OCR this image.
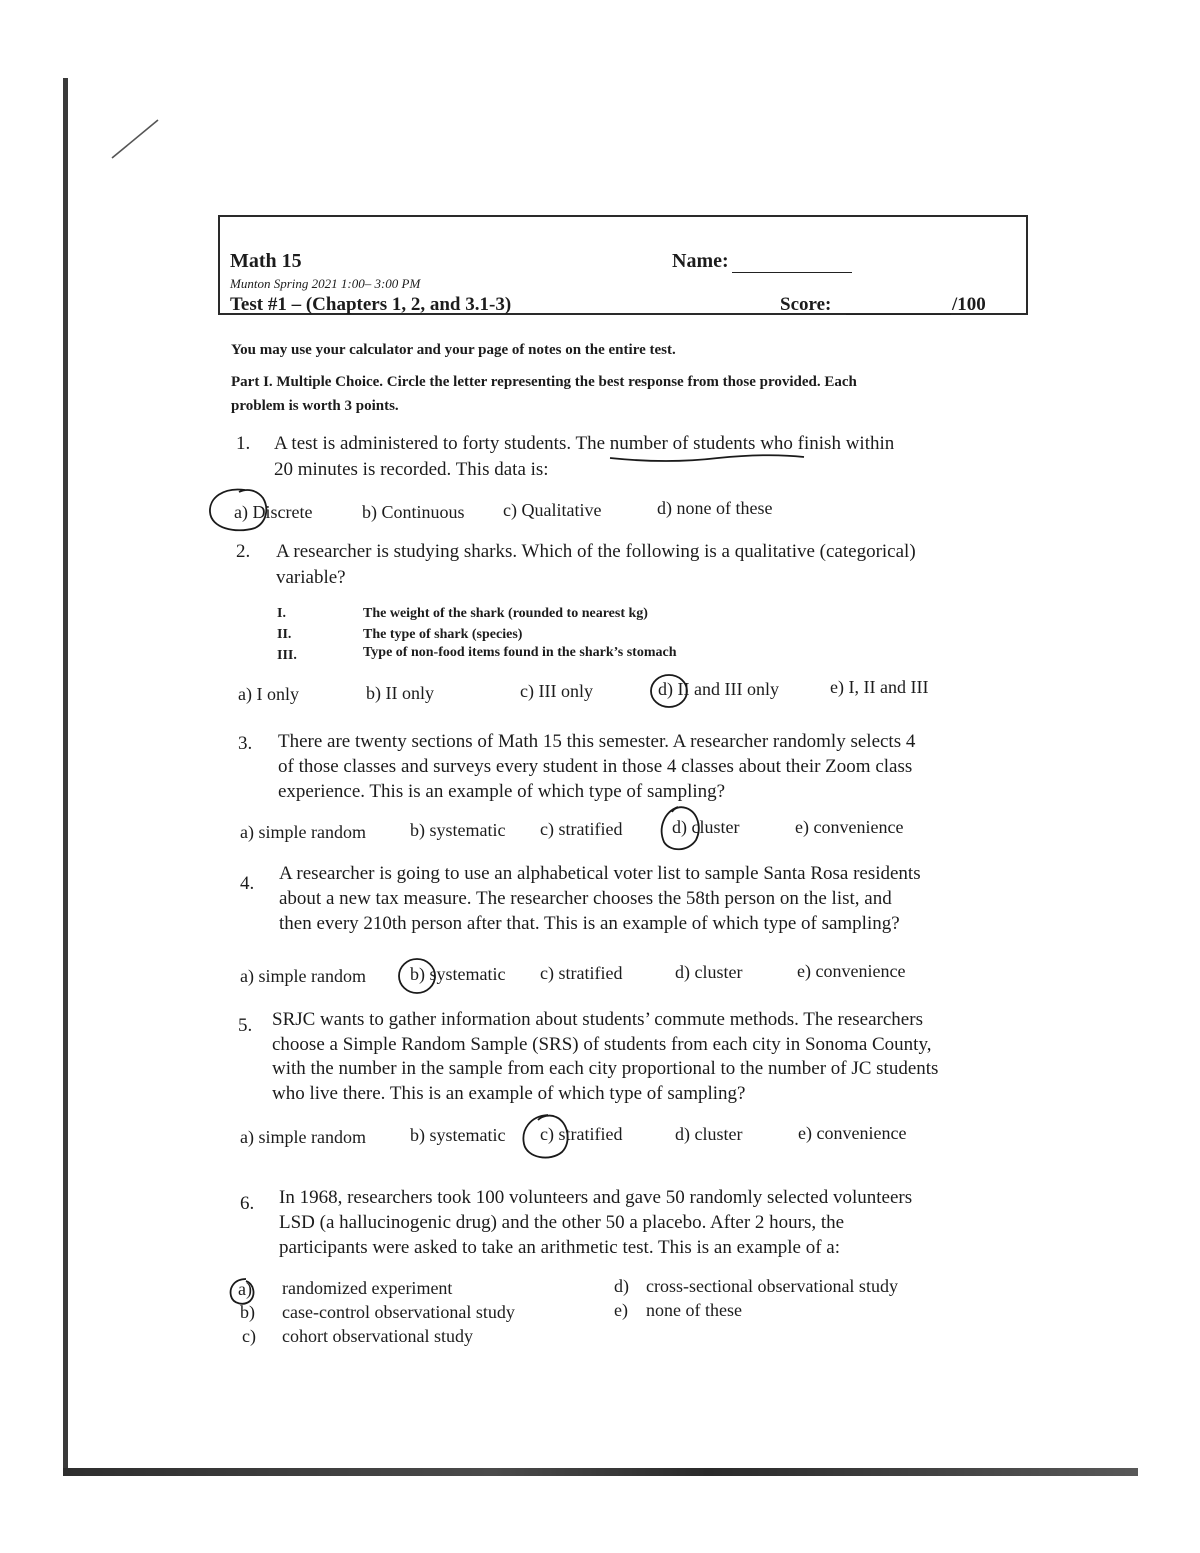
Math 15	Name:
Munton Spring 2021 1:00– 3:00 PM
Test #1 – (Chapters 1, 2, and 3.1-3)	Score:	/100
You may use your calculator and your page of notes on the entire test.
Part I. Multiple Choice. Circle the letter representing the best response from those provided. Each
problem is worth 3 points.
1. A test is administered to forty students. The number of students who finish within
20 minutes is recorded. This data is:
a) Discrete	b) Continuous c) Qualitative	d) none of these
2. A researcher is studying sharks. Which of the following is a qualitative (categorical)
variable?
I.	The weight of the shark (rounded to nearest kg)
II.	The type of shark (species)
III.	Type of non-food items found in the shark’s stomach
a) I only	b) II only	c) III only	d) II and III only	e) I, II and III
3. There are twenty sections of Math 15 this semester. A researcher randomly selects 4
of those classes and surveys every student in those 4 classes about their Zoom class
experience. This is an example of which type of sampling?
a) simple random b) systematic c) stratified	d) cluster	e) convenience
4. A researcher is going to use an alphabetical voter list to sample Santa Rosa residents
about a new tax measure. The researcher chooses the 58th person on the list, and
then every 210th person after that. This is an example of which type of sampling?
a) simple random b) systematic c) stratified	d) cluster	e) convenience
5. SRJC wants to gather information about students’ commute methods. The researchers
choose a Simple Random Sample (SRS) of students from each city in Sonoma County,
with the number in the sample from each city proportional to the number of JC students
who live there. This is an example of which type of sampling?
a) simple random b) systematic c) stratified	d) cluster	e) convenience
6. In 1968, researchers took 100 volunteers and gave 50 randomly selected volunteers
LSD (a hallucinogenic drug) and the other 50 a placebo. After 2 hours, the
participants were asked to take an arithmetic test. This is an example of a:
a) randomized experiment
b) case-control observational study
c) cohort observational study
d) cross-sectional observational study
e) none of these
